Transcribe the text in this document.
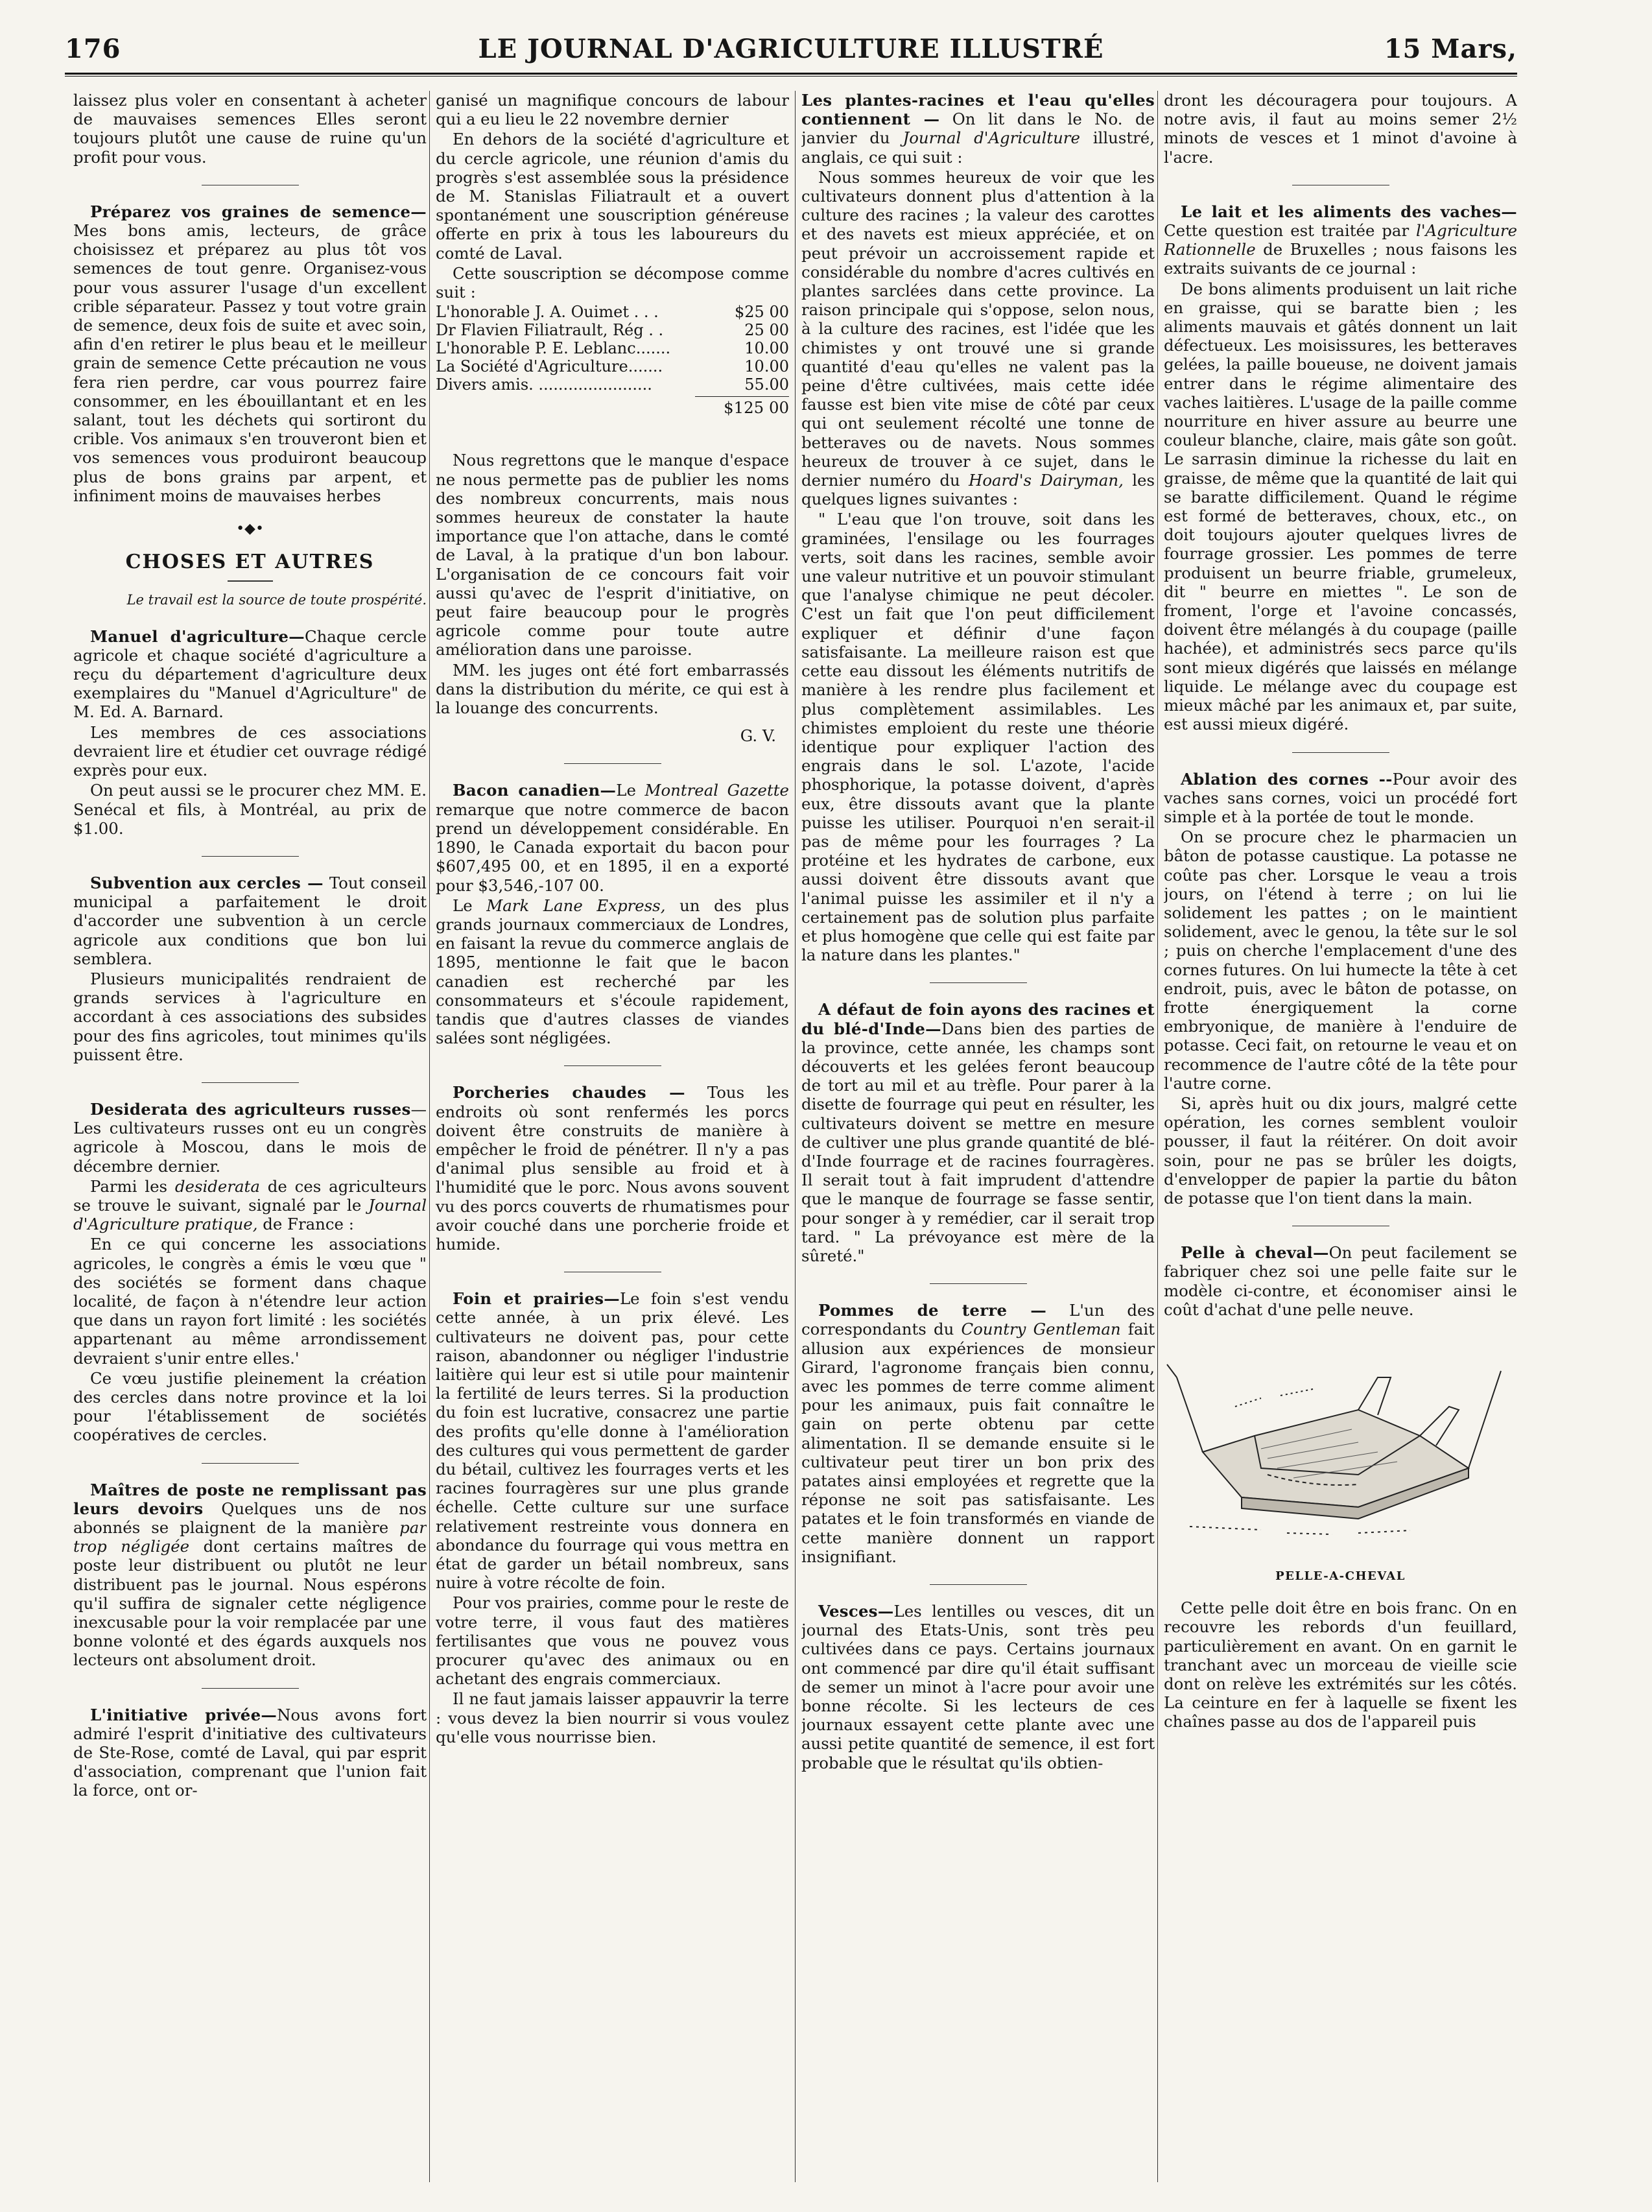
176	LE JOURNAL D'AGRICULTURE ILLUSTRÉ	15 Mars,

laissez plus voler en consentant à acheter de mauvaises semences Elles seront toujours plutôt une cause de ruine qu'un profit pour vous.

Préparez vos graines de semence—Mes bons amis, lecteurs, de grâce choisissez et préparez au plus tôt vos semences de tout genre. Organisez-vous pour vous assurer l'usage d'un excellent crible séparateur. Passez y tout votre grain de semence, deux fois de suite et avec soin, afin d'en retirer le plus beau et le meilleur grain de semence Cette précaution ne vous fera rien perdre, car vous pourrez faire consommer, en les ébouillantant et en les salant, tout les déchets qui sortiront du crible. Vos animaux s'en trouveront bien et vos semences vous produiront beaucoup plus de bons grains par arpent, et infiniment moins de mauvaises herbes

•◆•
CHOSES ET AUTRES
Le travail est la source de toute prospérité.

Manuel d'agriculture—Chaque cercle agricole et chaque société d'agriculture a reçu du département d'agriculture deux exemplaires du "Manuel d'Agriculture" de M. Ed. A. Barnard.

Les membres de ces associations devraient lire et étudier cet ouvrage rédigé exprès pour eux.

On peut aussi se le procurer chez MM. E. Senécal et fils, à Montréal, au prix de $1.00.

Subvention aux cercles — Tout conseil municipal a parfaitement le droit d'accorder une subvention à un cercle agricole aux conditions que bon lui semblera.

Plusieurs municipalités rendraient de grands services à l'agriculture en accordant à ces associations des subsides pour des fins agricoles, tout minimes qu'ils puissent être.

Desiderata des agriculteurs russes—Les cultivateurs russes ont eu un congrès agricole à Moscou, dans le mois de décembre dernier.

Parmi les desiderata de ces agriculteurs se trouve le suivant, signalé par le Journal d'Agriculture pratique, de France :

En ce qui concerne les associations agricoles, le congrès a émis le vœu que " des sociétés se forment dans chaque localité, de façon à n'étendre leur action que dans un rayon fort limité : les sociétés appartenant au même arrondissement devraient s'unir entre elles.'

Ce vœu justifie pleinement la création des cercles dans notre province et la loi pour l'établissement de sociétés coopératives de cercles.

Maîtres de poste ne remplissant pas leurs devoirs Quelques uns de nos abonnés se plaignent de la manière par trop négligée dont certains maîtres de poste leur distribuent ou plutôt ne leur distribuent pas le journal. Nous espérons qu'il suffira de signaler cette négligence inexcusable pour la voir remplacée par une bonne volonté et des égards auxquels nos lecteurs ont absolument droit.

L'initiative privée—Nous avons fort admiré l'esprit d'initiative des cultivateurs de Ste-Rose, comté de Laval, qui par esprit d'association, comprenant que l'union fait la force, ont or-

ganisé un magnifique concours de labour qui a eu lieu le 22 novembre dernier

En dehors de la société d'agriculture et du cercle agricole, une réunion d'amis du progrès s'est assemblée sous la présidence de M. Stanislas Filiatrault et a ouvert spontanément une souscription généreuse offerte en prix à tous les laboureurs du comté de Laval.

Cette souscription se décompose comme suit :

L'honorable J. A. Ouimet . . .	$25 00
Dr Flavien Filiatrault, Rég . .	25 00
L'honorable P. E. Leblanc.......	10.00
La Société d'Agriculture.......	10.00
Divers amis. .......................	55.00
$125 00

Nous regrettons que le manque d'espace ne nous permette pas de publier les noms des nombreux concurrents, mais nous sommes heureux de constater la haute importance que l'on attache, dans le comté de Laval, à la pratique d'un bon labour. L'organisation de ce concours fait voir aussi qu'avec de l'esprit d'initiative, on peut faire beaucoup pour le progrès agricole comme pour toute autre amélioration dans une paroisse.

MM. les juges ont été fort embarrassés dans la distribution du mérite, ce qui est à la louange des concurrents.

G. V.

Bacon canadien—Le Montreal Gazette remarque que notre commerce de bacon prend un développement considérable. En 1890, le Canada exportait du bacon pour $607,495 00, et en 1895, il en a exporté pour $3,546,-107 00.

Le Mark Lane Express, un des plus grands journaux commerciaux de Londres, en faisant la revue du commerce anglais de 1895, mentionne le fait que le bacon canadien est recherché par les consommateurs et s'écoule rapidement, tandis que d'autres classes de viandes salées sont négligées.

Porcheries chaudes — Tous les endroits où sont renfermés les porcs doivent être construits de manière à empêcher le froid de pénétrer. Il n'y a pas d'animal plus sensible au froid et à l'humidité que le porc. Nous avons souvent vu des porcs couverts de rhumatismes pour avoir couché dans une porcherie froide et humide.

Foin et prairies—Le foin s'est vendu cette année, à un prix élevé. Les cultivateurs ne doivent pas, pour cette raison, abandonner ou négliger l'industrie laitière qui leur est si utile pour maintenir la fertilité de leurs terres. Si la production du foin est lucrative, consacrez une partie des profits qu'elle donne à l'amélioration des cultures qui vous permettent de garder du bétail, cultivez les fourrages verts et les racines fourragères sur une plus grande échelle. Cette culture sur une surface relativement restreinte vous donnera en abondance du fourrage qui vous mettra en état de garder un bétail nombreux, sans nuire à votre récolte de foin.

Pour vos prairies, comme pour le reste de votre terre, il vous faut des matières fertilisantes que vous ne pouvez vous procurer qu'avec des animaux ou en achetant des engrais commerciaux.

Il ne faut jamais laisser appauvrir la terre : vous devez la bien nourrir si vous voulez qu'elle vous nourrisse bien.

Les plantes-racines et l'eau qu'elles contiennent — On lit dans le No. de janvier du Journal d'Agriculture illustré, anglais, ce qui suit :

Nous sommes heureux de voir que les cultivateurs donnent plus d'attention à la culture des racines ; la valeur des carottes et des navets est mieux appréciée, et on peut prévoir un accroissement rapide et considérable du nombre d'acres cultivés en plantes sarclées dans cette province. La raison principale qui s'oppose, selon nous, à la culture des racines, est l'idée que les chimistes y ont trouvé une si grande quantité d'eau qu'elles ne valent pas la peine d'être cultivées, mais cette idée fausse est bien vite mise de côté par ceux qui ont seulement récolté une tonne de betteraves ou de navets. Nous sommes heureux de trouver à ce sujet, dans le dernier numéro du Hoard's Dairyman, les quelques lignes suivantes :

" L'eau que l'on trouve, soit dans les graminées, l'ensilage ou les fourrages verts, soit dans les racines, semble avoir une valeur nutritive et un pouvoir stimulant que l'analyse chimique ne peut décoler. C'est un fait que l'on peut difficilement expliquer et définir d'une façon satisfaisante. La meilleure raison est que cette eau dissout les éléments nutritifs de manière à les rendre plus facilement et plus complètement assimilables. Les chimistes emploient du reste une théorie identique pour expliquer l'action des engrais dans le sol. L'azote, l'acide phosphorique, la potasse doivent, d'après eux, être dissouts avant que la plante puisse les utiliser. Pourquoi n'en serait-il pas de même pour les fourrages ? La protéine et les hydrates de carbone, eux aussi doivent être dissouts avant que l'animal puisse les assimiler et il n'y a certainement pas de solution plus parfaite et plus homogène que celle qui est faite par la nature dans les plantes."

A défaut de foin ayons des racines et du blé-d'Inde—Dans bien des parties de la province, cette année, les champs sont découverts et les gelées feront beaucoup de tort au mil et au trèfle. Pour parer à la disette de fourrage qui peut en résulter, les cultivateurs doivent se mettre en mesure de cultiver une plus grande quantité de blé-d'Inde fourrage et de racines fourragères. Il serait tout à fait imprudent d'attendre que le manque de fourrage se fasse sentir, pour songer à y remédier, car il serait trop tard. " La prévoyance est mère de la sûreté."

Pommes de terre — L'un des correspondants du Country Gentleman fait allusion aux expériences de monsieur Girard, l'agronome français bien connu, avec les pommes de terre comme aliment pour les animaux, puis fait connaître le gain on perte obtenu par cette alimentation. Il se demande ensuite si le cultivateur peut tirer un bon prix des patates ainsi employées et regrette que la réponse ne soit pas satisfaisante. Les patates et le foin transformés en viande de cette manière donnent un rapport insignifiant.

Vesces—Les lentilles ou vesces, dit un journal des Etats-Unis, sont très peu cultivées dans ce pays. Certains journaux ont commencé par dire qu'il était suffisant de semer un minot à l'acre pour avoir une bonne récolte. Si les lecteurs de ces journaux essayent cette plante avec une aussi petite quantité de semence, il est fort probable que le résultat qu'ils obtien-

dront les découragera pour toujours. A notre avis, il faut au moins semer 2½ minots de vesces et 1 minot d'avoine à l'acre.

Le lait et les aliments des vaches—Cette question est traitée par l'Agriculture Rationnelle de Bruxelles ; nous faisons les extraits suivants de ce journal :

De bons aliments produisent un lait riche en graisse, qui se baratte bien ; les aliments mauvais et gâtés donnent un lait défectueux. Les moisissures, les betteraves gelées, la paille boueuse, ne doivent jamais entrer dans le régime alimentaire des vaches laitières. L'usage de la paille comme nourriture en hiver assure au beurre une couleur blanche, claire, mais gâte son goût. Le sarrasin diminue la richesse du lait en graisse, de même que la quantité de lait qui se baratte difficilement. Quand le régime est formé de betteraves, choux, etc., on doit toujours ajouter quelques livres de fourrage grossier. Les pommes de terre produisent un beurre friable, grumeleux, dit " beurre en miettes ". Le son de froment, l'orge et l'avoine concassés, doivent être mélangés à du coupage (paille hachée), et administrés secs parce qu'ils sont mieux digérés que laissés en mélange liquide. Le mélange avec du coupage est mieux mâché par les animaux et, par suite, est aussi mieux digéré.

Ablation des cornes --Pour avoir des vaches sans cornes, voici un procédé fort simple et à la portée de tout le monde.

On se procure chez le pharmacien un bâton de potasse caustique. La potasse ne coûte pas cher. Lorsque le veau a trois jours, on l'étend à terre ; on lui lie solidement les pattes ; on le maintient solidement, avec le genou, la tête sur le sol ; puis on cherche l'emplacement d'une des cornes futures. On lui humecte la tête à cet endroit, puis, avec le bâton de potasse, on frotte énergiquement la corne embryonique, de manière à l'enduire de potasse. Ceci fait, on retourne le veau et on recommence de l'autre côté de la tête pour l'autre corne.

Si, après huit ou dix jours, malgré cette opération, les cornes semblent vouloir pousser, il faut la réitérer. On doit avoir soin, pour ne pas se brûler les doigts, d'envelopper de papier la partie du bâton de potasse que l'on tient dans la main.

Pelle à cheval—On peut facilement se fabriquer chez soi une pelle faite sur le modèle ci-contre, et économiser ainsi le coût d'achat d'une pelle neuve.

PELLE-A-CHEVAL

Cette pelle doit être en bois franc. On en recouvre les rebords d'un feuillard, particulièrement en avant. On en garnit le tranchant avec un morceau de vieille scie dont on relève les extrémités sur les côtés. La ceinture en fer à laquelle se fixent les chaînes passe au dos de l'appareil puis
